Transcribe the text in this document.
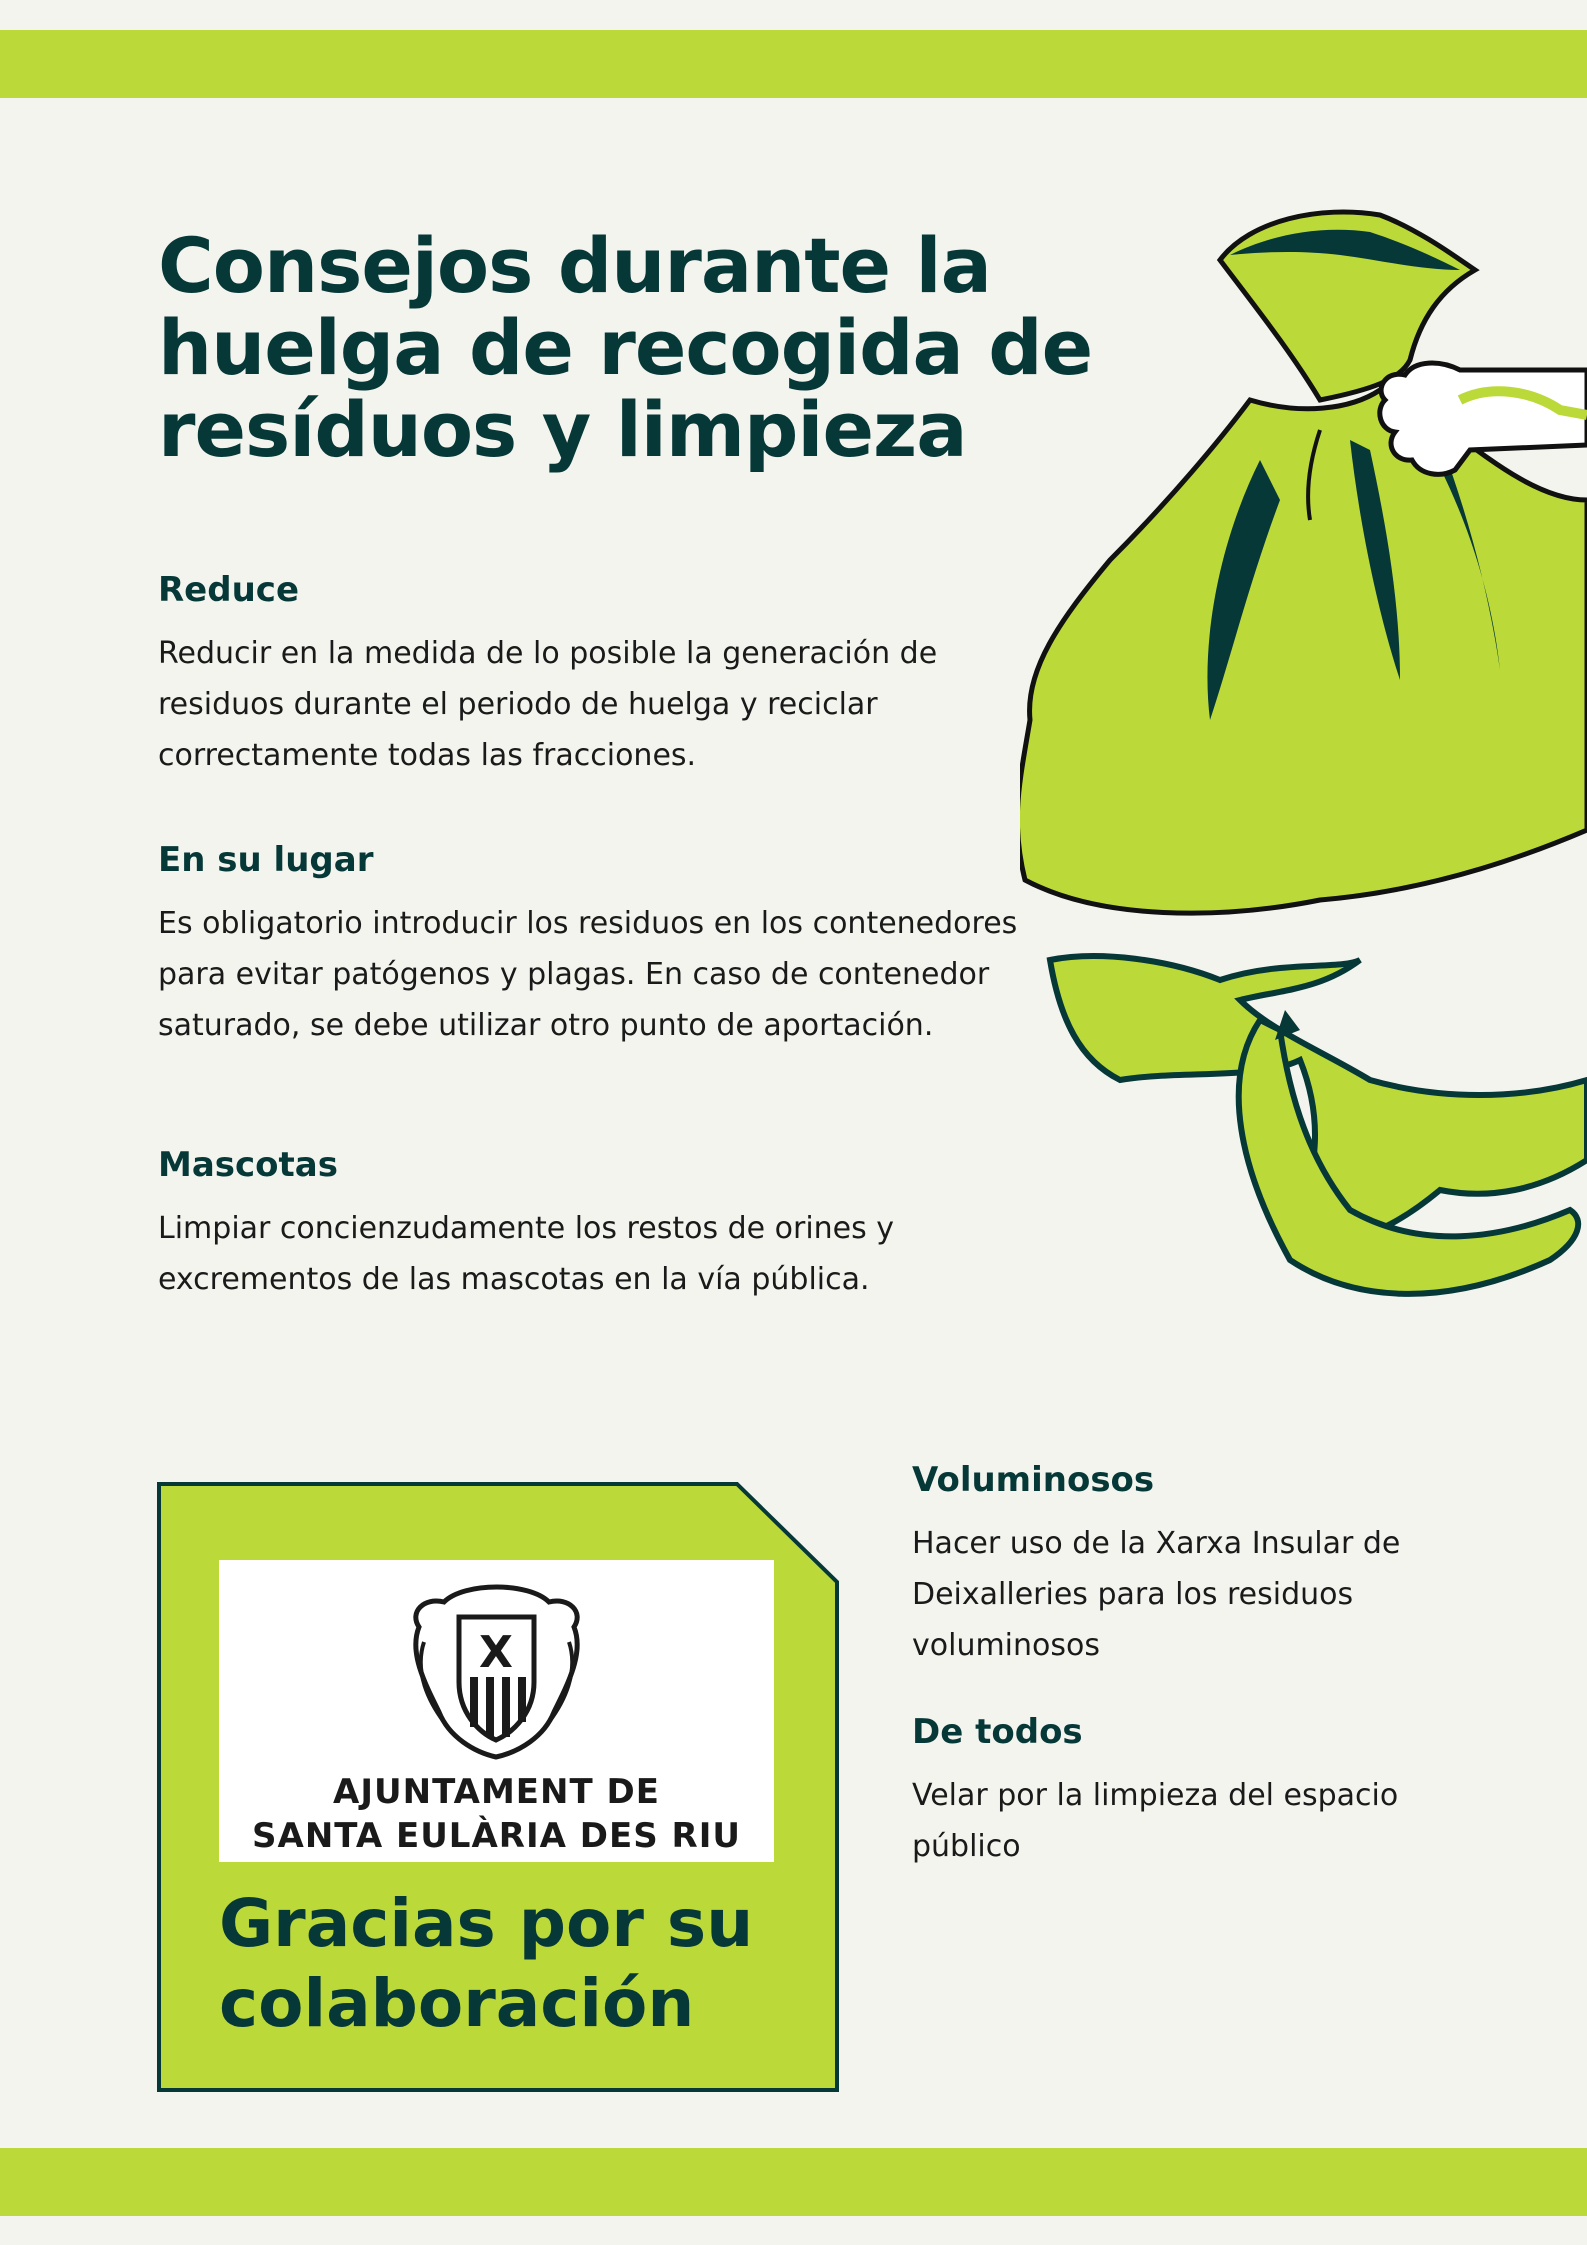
Consejos durante la huelga de recogida de resíduos y limpieza
Reduce

Reducir en la medida de lo posible la generación de residuos durante el periodo de huelga y reciclar correctamente todas las fracciones.

En su lugar

Es obligatorio introducir los residuos en los contenedores para evitar patógenos y plagas. En caso de contenedor saturado, se debe utilizar otro punto de aportación.

Mascotas

Limpiar concienzudamente los restos de orines y excrementos de las mascotas en la vía pública.

Voluminosos

Hacer uso de la Xarxa Insular de Deixalleries para los residuos voluminosos

De todos

Velar por la limpieza del espacio público

X

AJUNTAMENT DE

SANTA EULÀRIA DES RIU

Gracias por su colaboración
